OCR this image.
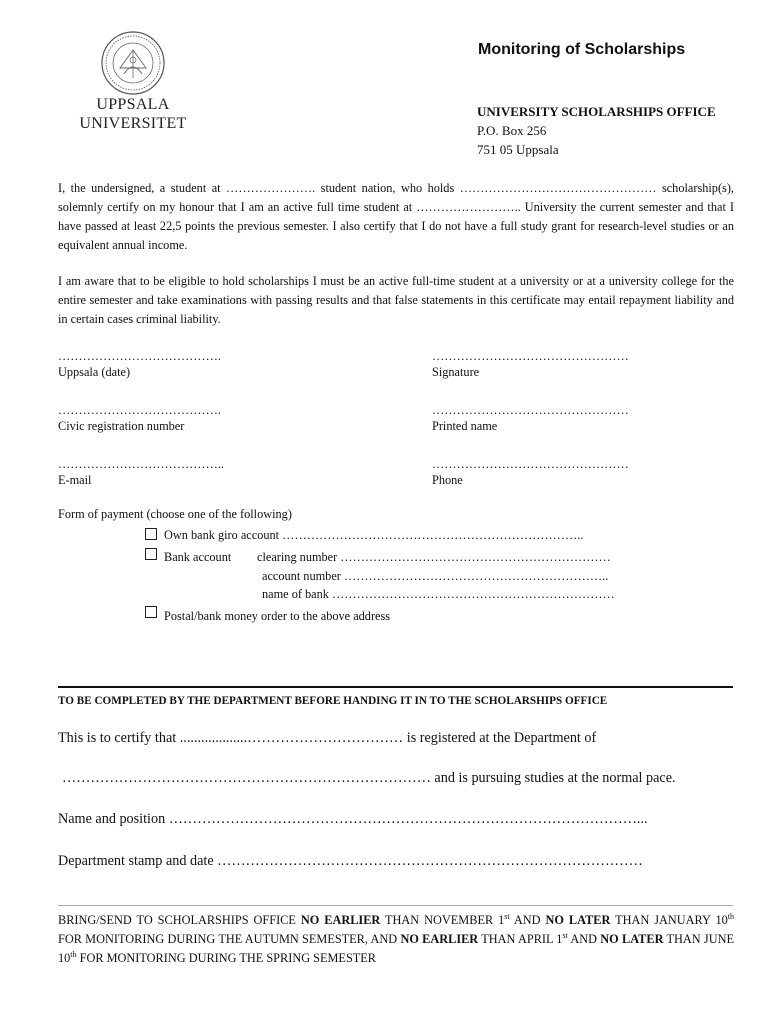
UPPSALA
UNIVERSITET
Monitoring of Scholarships
UNIVERSITY SCHOLARSHIPS OFFICE
P.O. Box 256
751 05 Uppsala

I, the undersigned, a student at …………………. student nation, who holds ………………………………………… scholarship(s), solemnly certify on my honour that I am an active full time student at …………………….. University the current semester and that I have passed at least 22,5 points the previous semester. I also certify that I do not have a full study grant for research-level studies or an equivalent annual income.

I am aware that to be eligible to hold scholarships I must be an active full-time student at a university or at a university college for the entire semester and take examinations with passing results and that false statements in this certificate may entail repayment liability and in certain cases criminal liability.

………………………………….
Uppsala (date)
…………………………………………
Signature
………………………………….
Civic registration number
…………………………………………
Printed name
…………………………………..
E-mail
…………………………………………
Phone
Form of payment (choose one of the following)
Own bank giro account ………………………………………………………………..
Bank account clearing number …………………………………………………………
account number ………………………………………………………..
name of bank ……………………………………………………………
Postal/bank money order to the above address
TO BE COMPLETED BY THE DEPARTMENT BEFORE HANDING IT IN TO THE SCHOLARSHIPS OFFICE
This is to certify that ...................…………………………… is registered at the Department of
…………………………………………………………………… and is pursuing studies at the normal pace.
Name and position ………………………………………………………………………………………...
Department stamp and date ………………………………………………………………………………

BRING/SEND TO SCHOLARSHIPS OFFICE NO EARLIER THAN NOVEMBER 1st AND NO LATER THAN JANUARY 10th FOR MONITORING DURING THE AUTUMN SEMESTER, AND NO EARLIER THAN APRIL 1st AND NO LATER THAN JUNE 10th FOR MONITORING DURING THE SPRING SEMESTER
